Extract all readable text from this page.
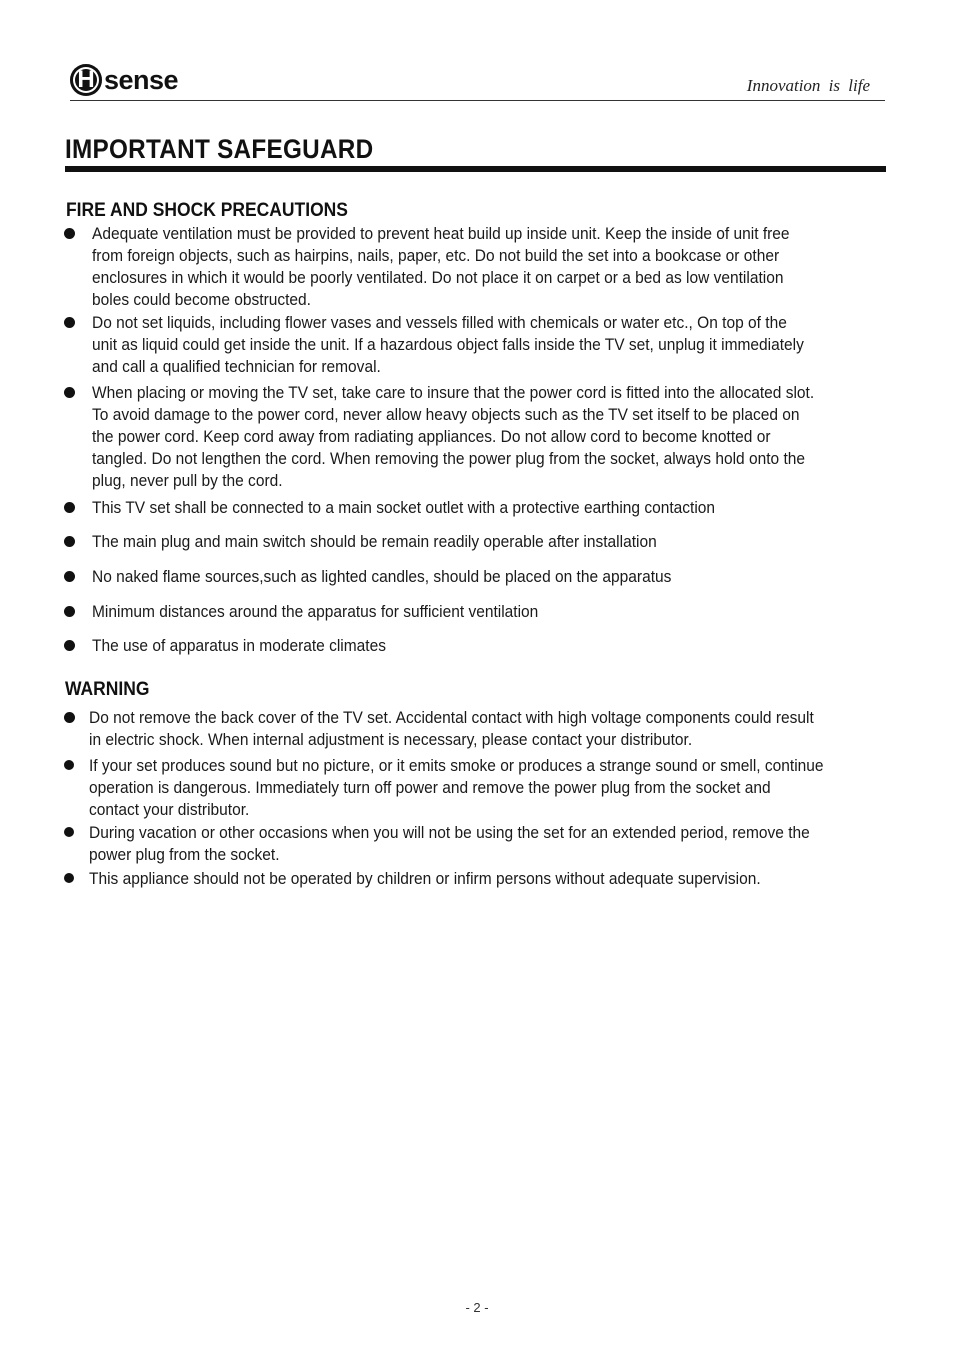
H sense	Innovation is life
IMPORTANT SAFEGUARD
FIRE AND SHOCK PRECAUTIONS
Adequate ventilation must be provided to prevent heat build up inside unit. Keep the inside of unit free
from foreign objects, such as hairpins, nails, paper, etc. Do not build the set into a bookcase or other
enclosures in which it would be poorly ventilated. Do not place it on carpet or a bed as low ventilation
boles could become obstructed.
Do not set liquids, including flower vases and vessels filled with chemicals or water etc., On top of the
unit as liquid could get inside the unit. If a hazardous object falls inside the TV set, unplug it immediately
and call a qualified technician for removal.
When placing or moving the TV set, take care to insure that the power cord is fitted into the allocated slot.
To avoid damage to the power cord, never allow heavy objects such as the TV set itself to be placed on
the power cord. Keep cord away from radiating appliances. Do not allow cord to become knotted or
tangled. Do not lengthen the cord. When removing the power plug from the socket, always hold onto the
plug, never pull by the cord.
This TV set shall be connected to a main socket outlet with a protective earthing contaction
The main plug and main switch should be remain readily operable after installation
No naked flame sources,such as lighted candles, should be placed on the apparatus
Minimum distances around the apparatus for sufficient ventilation
The use of apparatus in moderate climates
WARNING
Do not remove the back cover of the TV set. Accidental contact with high voltage components could result
in electric shock. When internal adjustment is necessary, please contact your distributor.
If your set produces sound but no picture, or it emits smoke or produces a strange sound or smell, continue
operation is dangerous. Immediately turn off power and remove the power plug from the socket and
contact your distributor.
During vacation or other occasions when you will not be using the set for an extended period, remove the
power plug from the socket.
This appliance should not be operated by children or infirm persons without adequate supervision.
- 2 -
